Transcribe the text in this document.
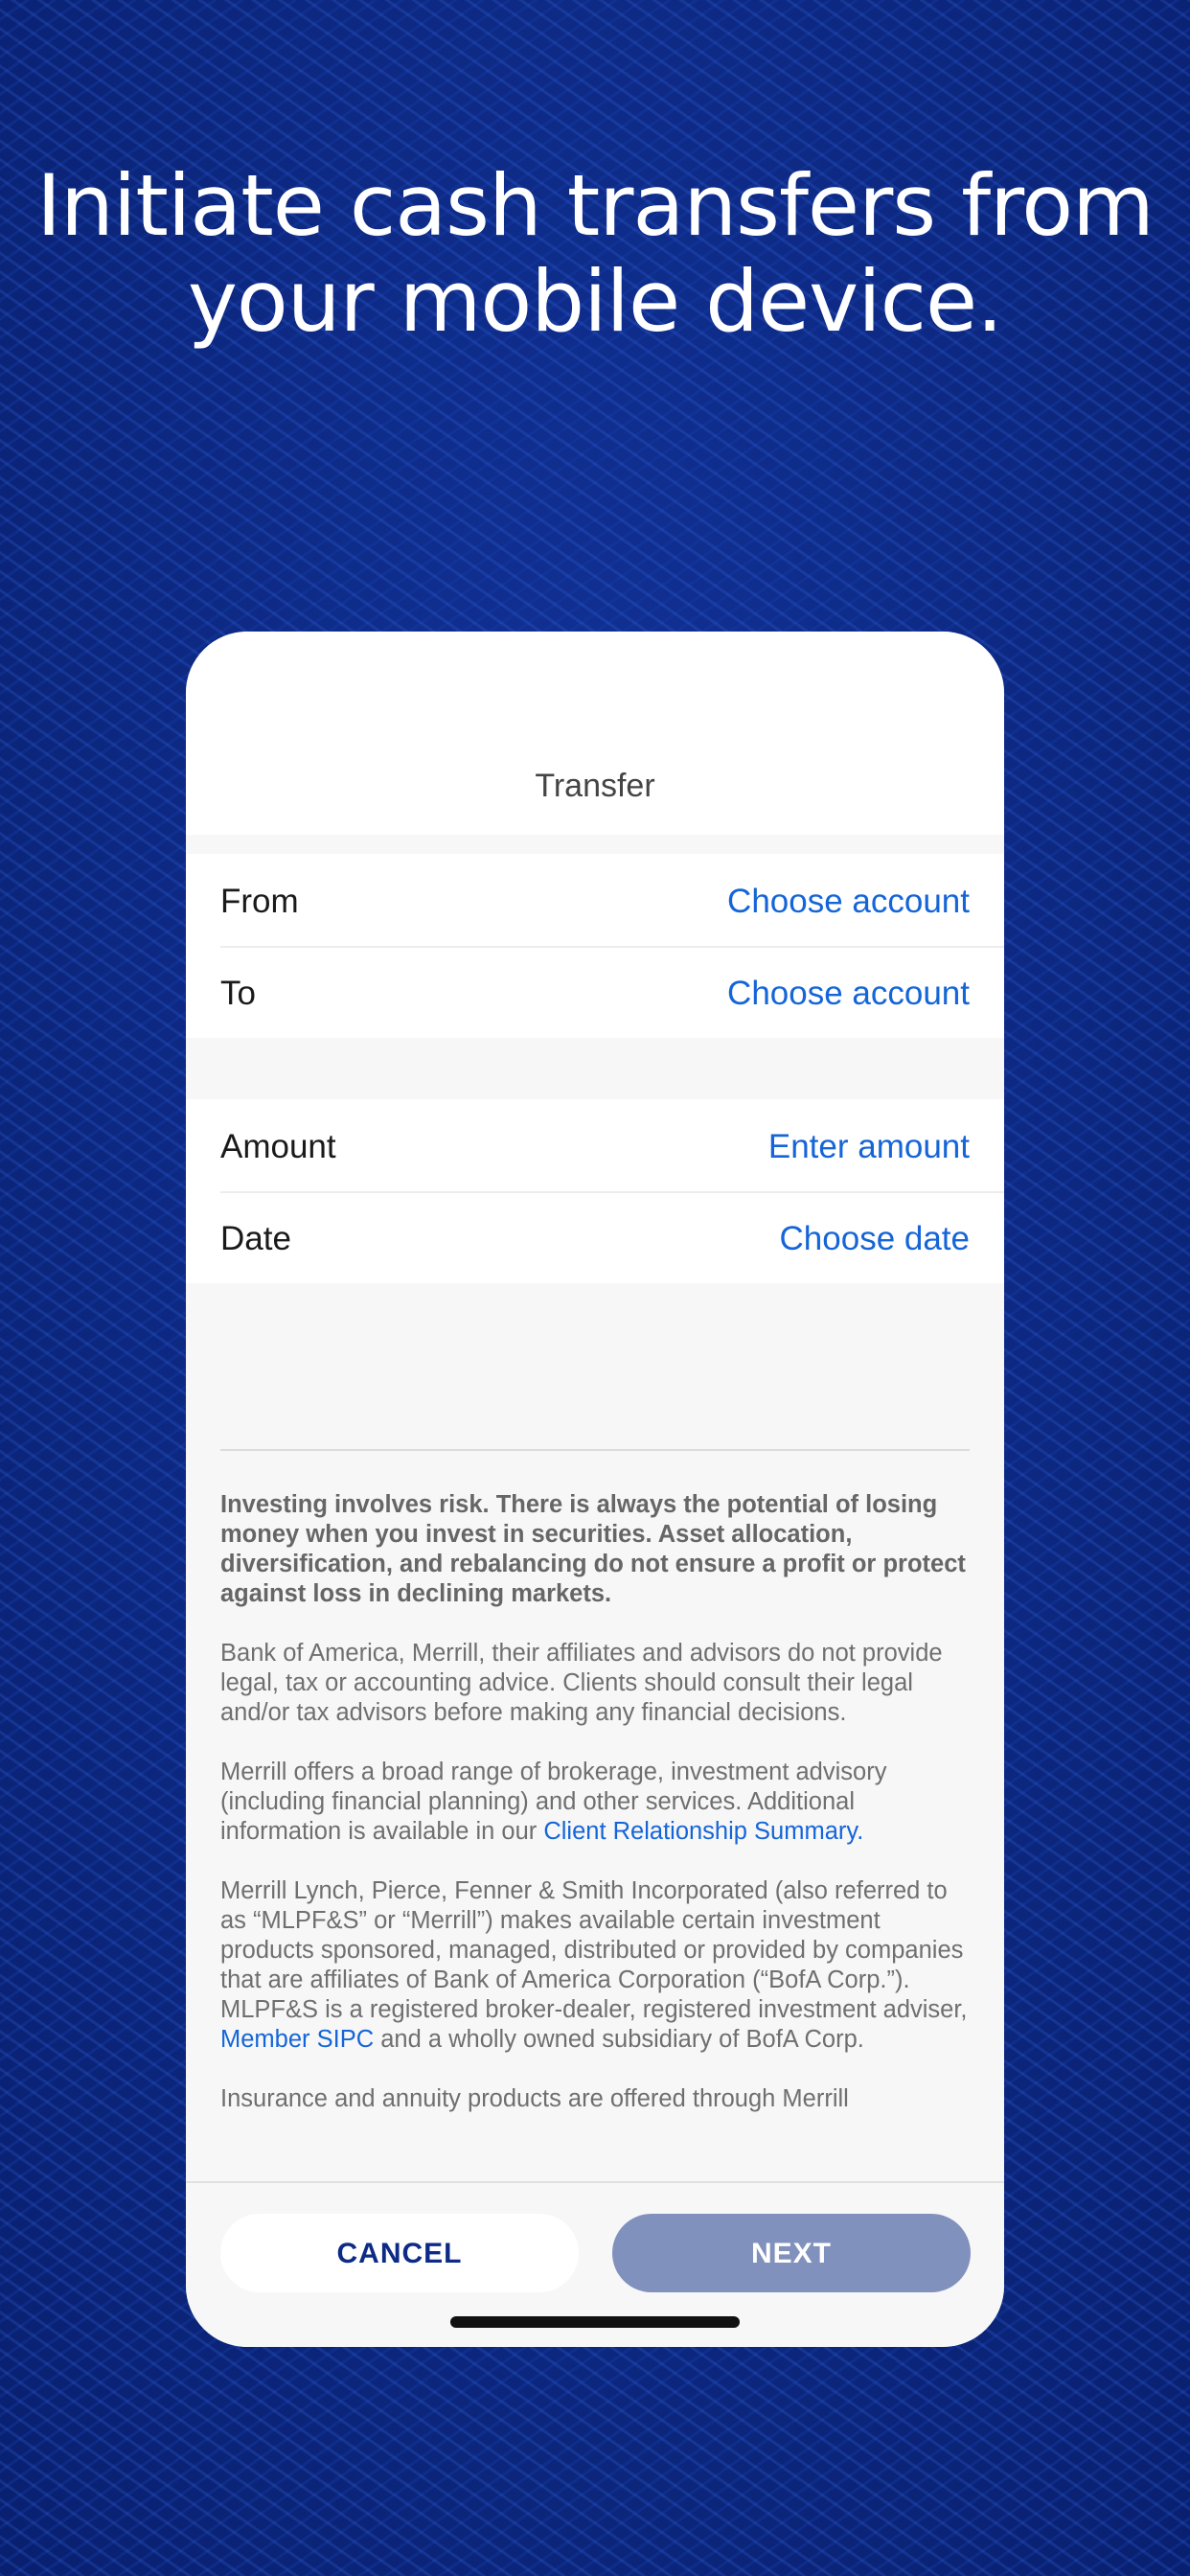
Initiate cash transfers from
your mobile device.
Transfer
From	Choose account
To	Choose account
Amount	Enter amount
Date	Choose date

Investing involves risk. There is always the potential of losing money when you invest in securities. Asset allocation, diversification, and rebalancing do not ensure a profit or protect against loss in declining markets.

Bank of America, Merrill, their affiliates and advisors do not provide legal, tax or accounting advice. Clients should consult their legal and/or tax advisors before making any financial decisions.

Merrill offers a broad range of brokerage, investment advisory (including financial planning) and other services. Additional information is available in our Client Relationship Summary.

Merrill Lynch, Pierce, Fenner & Smith Incorporated (also referred to as “MLPF&S” or “Merrill”) makes available certain investment products sponsored, managed, distributed or provided by companies that are affiliates of Bank of America Corporation (“BofA Corp.”). MLPF&S is a registered broker-dealer, registered investment adviser, Member SIPC and a wholly owned subsidiary of BofA Corp.

Insurance and annuity products are offered through Merrill

CANCEL	NEXT
